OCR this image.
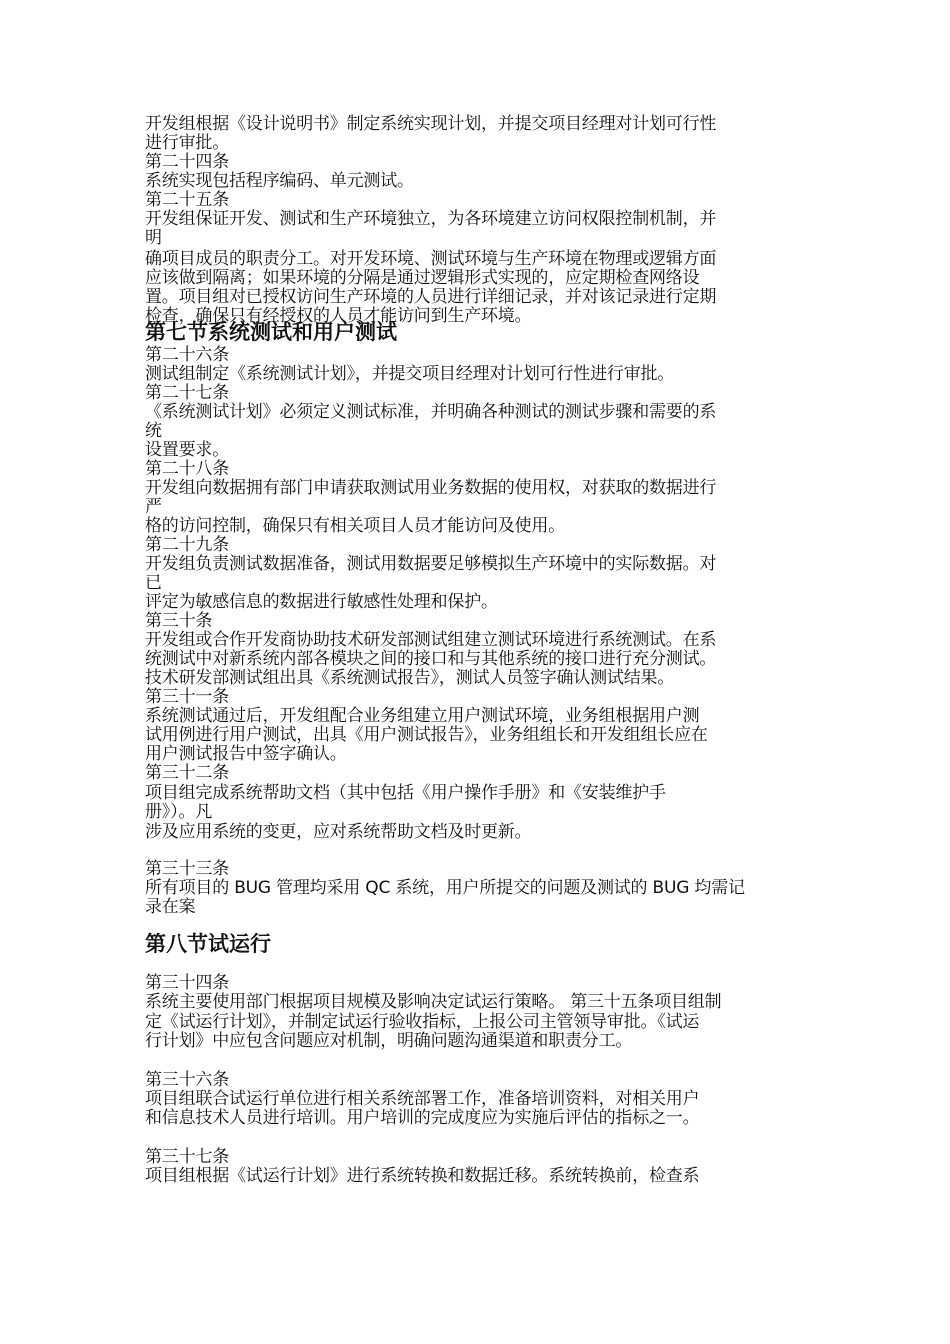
开发组根据《设计说明书》制定系统实现计划，并提交项目经理对计划可行性
进行审批。
第二十四条
系统实现包括程序编码、单元测试。
第二十五条
开发组保证开发、测试和生产环境独立，为各环境建立访问权限控制机制，并
明
确项目成员的职责分工。对开发环境、测试环境与生产环境在物理或逻辑方面
应该做到隔离；如果环境的分隔是通过逻辑形式实现的，应定期检查网络设
置。项目组对已授权访问生产环境的人员进行详细记录，并对该记录进行定期
检查，确保只有经授权的人员才能访问到生产环境。
第七节系统测试和用户测试
第二十六条
测试组制定《系统测试计划》，并提交项目经理对计划可行性进行审批。
第二十七条
《系统测试计划》必须定义测试标准，并明确各种测试的测试步骤和需要的系
统
设置要求。
第二十八条
开发组向数据拥有部门申请获取测试用业务数据的使用权，对获取的数据进行
严
格的访问控制，确保只有相关项目人员才能访问及使用。
第二十九条
开发组负责测试数据准备，测试用数据要足够模拟生产环境中的实际数据。对
已
评定为敏感信息的数据进行敏感性处理和保护。
第三十条
开发组或合作开发商协助技术研发部测试组建立测试环境进行系统测试。在系
统测试中对新系统内部各模块之间的接口和与其他系统的接口进行充分测试。
技术研发部测试组出具《系统测试报告》，测试人员签字确认测试结果。
第三十一条
系统测试通过后，开发组配合业务组建立用户测试环境，业务组根据用户测
试用例进行用户测试，出具《用户测试报告》，业务组组长和开发组组长应在
用户测试报告中签字确认。
第三十二条
项目组完成系统帮助文档（其中包括《用户操作手册》和《安装维护手
册》）。凡
涉及应用系统的变更，应对系统帮助文档及时更新。
第三十三条
所有项目的 BUG 管理均采用 QC 系统，用户所提交的问题及测试的 BUG 均需记
录在案
第八节试运行
第三十四条
系统主要使用部门根据项目规模及影响决定试运行策略。 第三十五条项目组制
定《试运行计划》，并制定试运行验收指标，上报公司主管领导审批。《试运
行计划》中应包含问题应对机制，明确问题沟通渠道和职责分工。
第三十六条
项目组联合试运行单位进行相关系统部署工作，准备培训资料，对相关用户
和信息技术人员进行培训。用户培训的完成度应为实施后评估的指标之一。
第三十七条
项目组根据《试运行计划》进行系统转换和数据迁移。系统转换前，检查系
